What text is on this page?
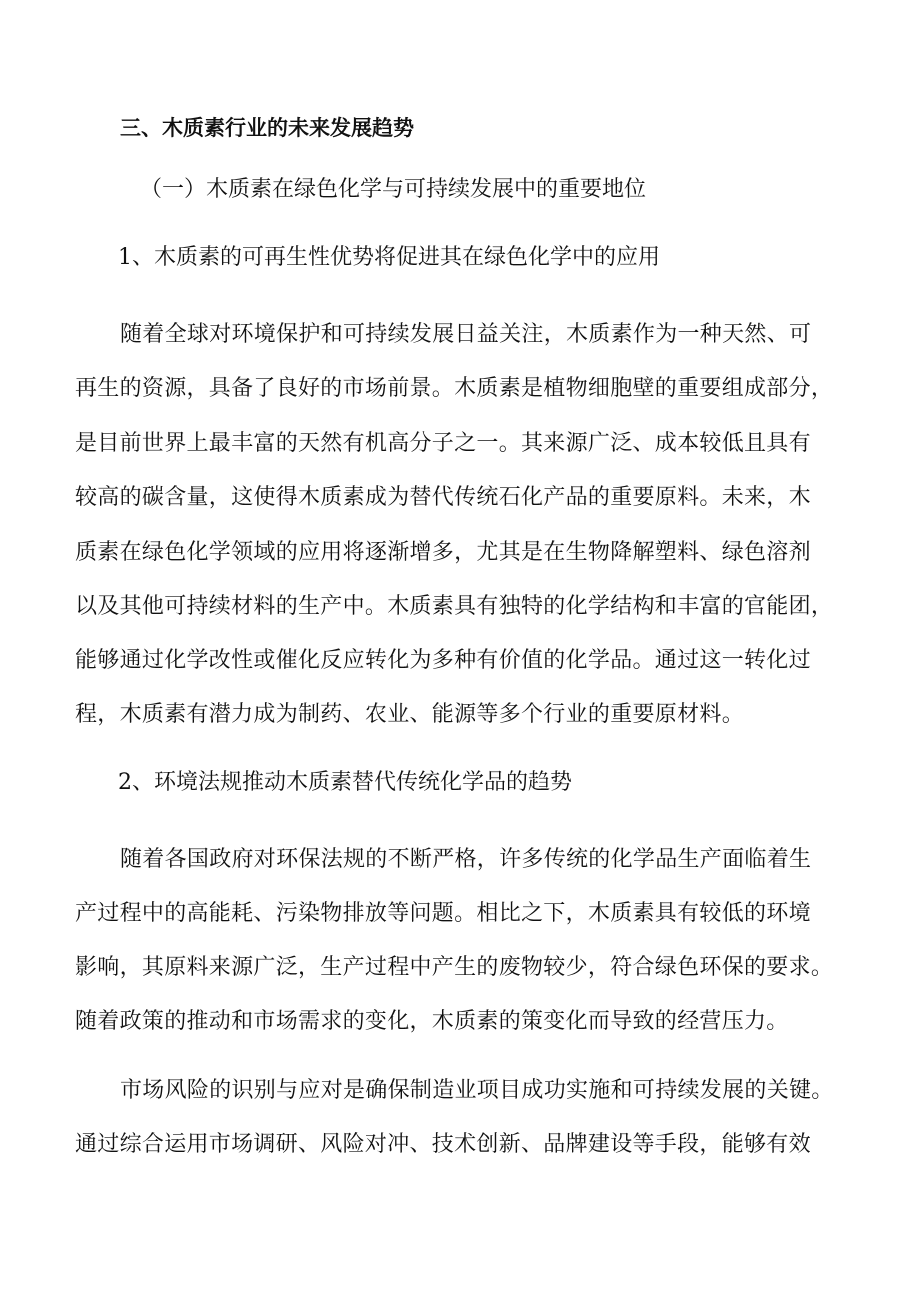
三、木质素行业的未来发展趋势
（一）木质素在绿色化学与可持续发展中的重要地位
1、木质素的可再生性优势将促进其在绿色化学中的应用
随着全球对环境保护和可持续发展日益关注，木质素作为一种天然、可
再生的资源，具备了良好的市场前景。木质素是植物细胞壁的重要组成部分，
是目前世界上最丰富的天然有机高分子之一。其来源广泛、成本较低且具有
较高的碳含量，这使得木质素成为替代传统石化产品的重要原料。未来，木
质素在绿色化学领域的应用将逐渐增多，尤其是在生物降解塑料、绿色溶剂
以及其他可持续材料的生产中。木质素具有独特的化学结构和丰富的官能团，
能够通过化学改性或催化反应转化为多种有价值的化学品。通过这一转化过
程，木质素有潜力成为制药、农业、能源等多个行业的重要原材料。
2、环境法规推动木质素替代传统化学品的趋势
随着各国政府对环保法规的不断严格，许多传统的化学品生产面临着生
产过程中的高能耗、污染物排放等问题。相比之下，木质素具有较低的环境
影响，其原料来源广泛，生产过程中产生的废物较少，符合绿色环保的要求。
随着政策的推动和市场需求的变化，木质素的策变化而导致的经营压力。
市场风险的识别与应对是确保制造业项目成功实施和可持续发展的关键。
通过综合运用市场调研、风险对冲、技术创新、品牌建设等手段，能够有效
